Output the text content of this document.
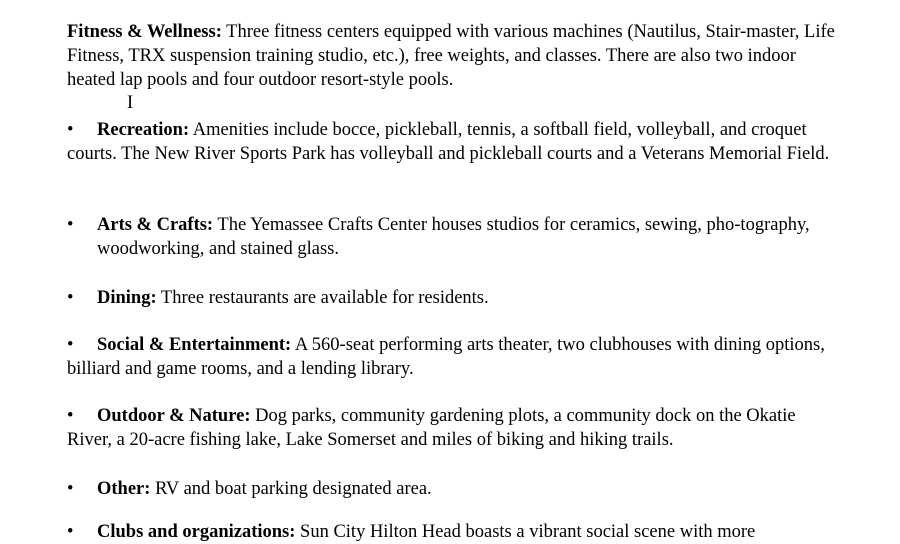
Fitness & Wellness: Three fitness centers equipped with various machines (Nautilus, Stair-master, Life Fitness, TRX suspension training studio, etc.), free weights, and classes. There are also two indoor heated lap pools and four outdoor resort-style pools.

I

• Recreation: Amenities include bocce, pickleball, tennis, a softball field, volleyball, and croquet courts. The New River Sports Park has volleyball and pickleball courts and a Veterans Memorial Field.

• Arts & Crafts: The Yemassee Crafts Center houses studios for ceramics, sewing, pho-tography, woodworking, and stained glass.

• Dining: Three restaurants are available for residents.

• Social & Entertainment: A 560-seat performing arts theater, two clubhouses with dining options, billiard and game rooms, and a lending library.

• Outdoor & Nature: Dog parks, community gardening plots, a community dock on the Okatie River, a 20-acre fishing lake, Lake Somerset and miles of biking and hiking trails.

• Other: RV and boat parking designated area.

• Clubs and organizations: Sun City Hilton Head boasts a vibrant social scene with more
